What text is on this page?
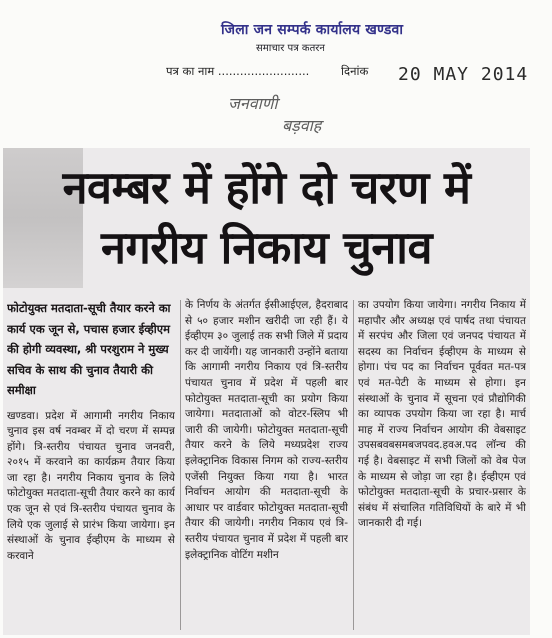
जिला जन सम्पर्क कार्यालय खण्डवा
समाचार पत्र कतरन
पत्र का नाम .........................	दिनांक 20 MAY 2014
जनवाणी
बड़वाह
नवम्बर में होंगे दो चरण में
नगरीय निकाय चुनाव
फोटोयुक्त मतदाता-सूची तैयार करने का कार्य एक जून से, पचास हजार ईव्हीएम की होगी व्यवस्था, श्री परशुराम ने मुख्य सचिव के साथ की चुनाव तैयारी की समीक्षा
खण्डवा। प्रदेश में आगामी नगरीय निकाय चुनाव इस वर्ष नवम्बर में दो चरण में सम्पन्न होंगे। त्रि-स्तरीय पंचायत चुनाव जनवरी, २०१५ में करवाने का कार्यक्रम तैयार किया जा रहा है। नगरीय निकाय चुनाव के लिये फोटोयुक्त मतदाता-सूची तैयार करने का कार्य एक जून से एवं त्रि-स्तरीय पंचायत चुनाव के लिये एक जुलाई से प्रारंभ किया जायेगा। इन संस्थाओं के चुनाव ईव्हीएम के माध्यम से करवाने
के निर्णय के अंतर्गत ईसीआईएल, हैदराबाद से ५० हजार मशीन खरीदी जा रही हैं। ये ईव्हीएम ३० जुलाई तक सभी जिले में प्रदाय कर दी जायेंगी। यह जानकारी उन्होंने बताया कि आगामी नगरीय निकाय एवं त्रि-स्तरीय पंचायत चुनाव में प्रदेश में पहली बार फोटोयुक्त मतदाता-सूची का प्रयोग किया जायेगा। मतदाताओं को वोटर-स्लिप भी जारी की जायेगी। फोटोयुक्त मतदाता-सूची तैयार करने के लिये मध्यप्रदेश राज्य इलेक्ट्रानिक विकास निगम को राज्य-स्तरीय एजेंसी नियुक्त किया गया है। भारत निर्वाचन आयोग की मतदाता-सूची के आधार पर वार्डवार फोटोयुक्त मतदाता-सूची तैयार की जायेगी। नगरीय निकाय एवं त्रि-स्तरीय पंचायत चुनाव में प्रदेश में पहली बार इलेक्ट्रानिक वोटिंग मशीन
का उपयोग किया जायेगा। नगरीय निकाय में महापौर और अध्यक्ष एवं पार्षद तथा पंचायत में सरपंच और जिला एवं जनपद पंचायत में सदस्य का निर्वाचन ईव्हीएम के माध्यम से होगा। पंच पद का निर्वाचन पूर्ववत मत-पत्र एवं मत-पेटी के माध्यम से होगा। इन संस्थाओं के चुनाव में सूचना एवं प्रौद्योगिकी का व्यापक उपयोग किया जा रहा है। मार्च माह में राज्य निर्वाचन आयोग की वेबसाइट उपसबवबसमबजपवद.हवअ.पद लॉन्च की गई है। वेबसाइट में सभी जिलों को वेब पेज के माध्यम से जोड़ा जा रहा है। ईव्हीएम एवं फोटोयुक्त मतदाता-सूची के प्रचार-प्रसार के संबंध में संचालित गतिविधियों के बारे में भी जानकारी दी गई।
